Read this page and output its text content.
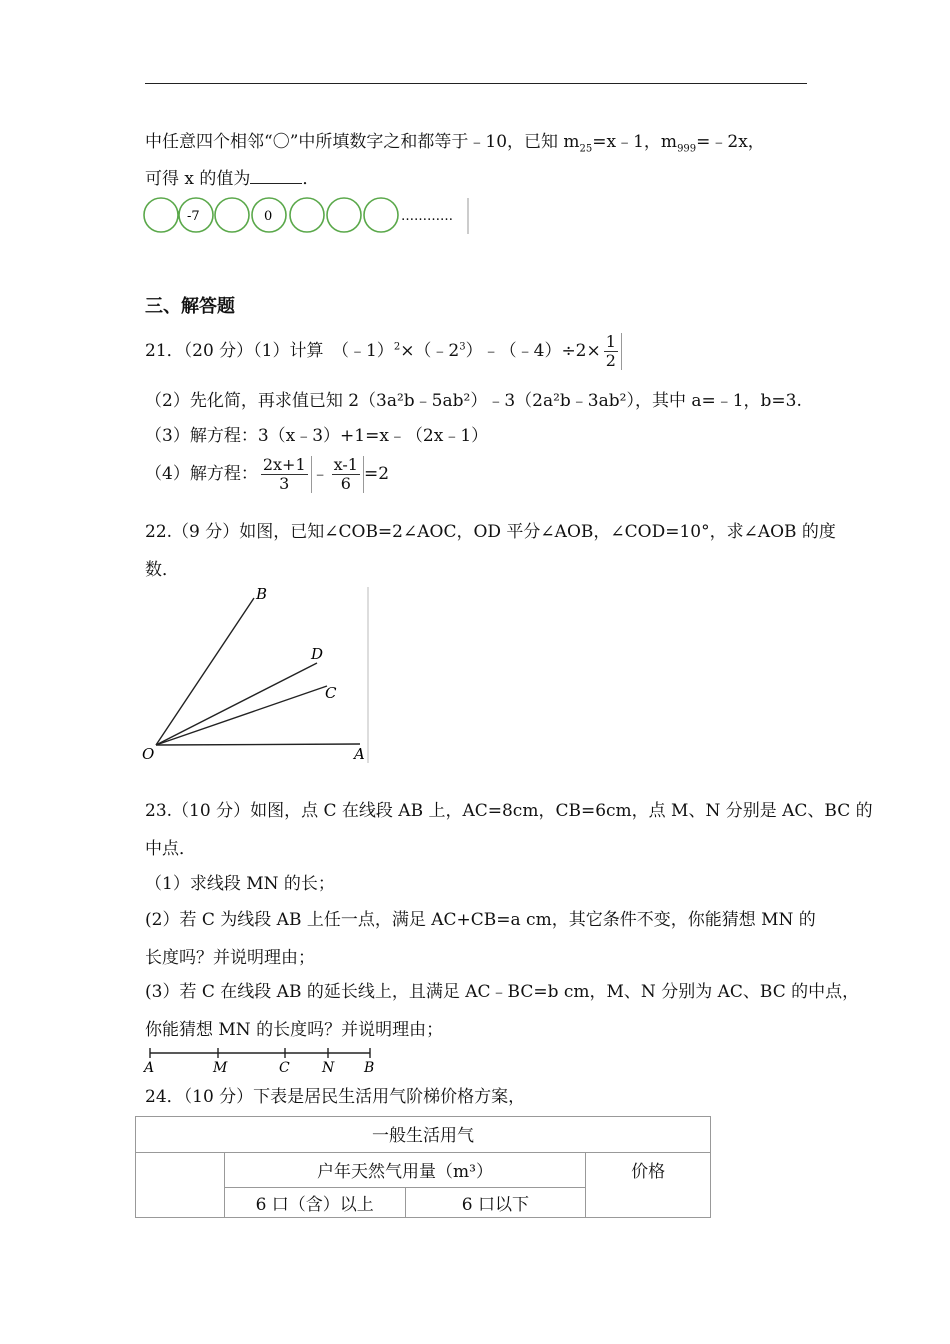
中任意四个相邻“〇”中所填数字之和都等于﹣10，已知 $m_{25}=x﹣1$，$m_{999}=﹣2x$，
可得 x 的值为	．
-7	0	…………
三、解答题
21．（20 分）（1）计算　$(﹣1)^2\times(﹣2^3)﹣(﹣4)\div 2\times \frac{1}{2}$
（2）先化简，再求值已知 2（3a²b﹣5ab²）﹣3（2a²b﹣3ab²），其中 a=﹣1，b=3.
（3）解方程：3（x﹣3）+1=x﹣（2x﹣1）
（4）解方程： $\frac{2x+1}{3}$ ﹣ $\frac{x-1}{6} =2$
22.（9 分）如图，已知∠COB=2∠AOC，OD 平分∠AOB，∠COD=10°，求∠AOB 的度
数．
B
D
C
O	A
23.（10 分）如图，点 C 在线段 AB 上，AC=8cm，CB=6cm，点 M、N 分别是 AC、BC 的
中点．
（1）求线段 MN 的长；
(2）若 C 为线段 AB 上任一点，满足 AC+CB=a cm，其它条件不变，你能猜想 MN 的
长度吗？并说明理由；
(3）若 C 在线段 AB 的延长线上，且满足 AC﹣BC=b cm，M、N 分别为 AC、BC 的中点，
你能猜想 MN 的长度吗？并说明理由；
A	M	C N B
24．（10 分）下表是居民生活用气阶梯价格方案，
一般生活用气			
	户年天然气用量（m³）		价格
	6 口（含）以上	6 口以下	
